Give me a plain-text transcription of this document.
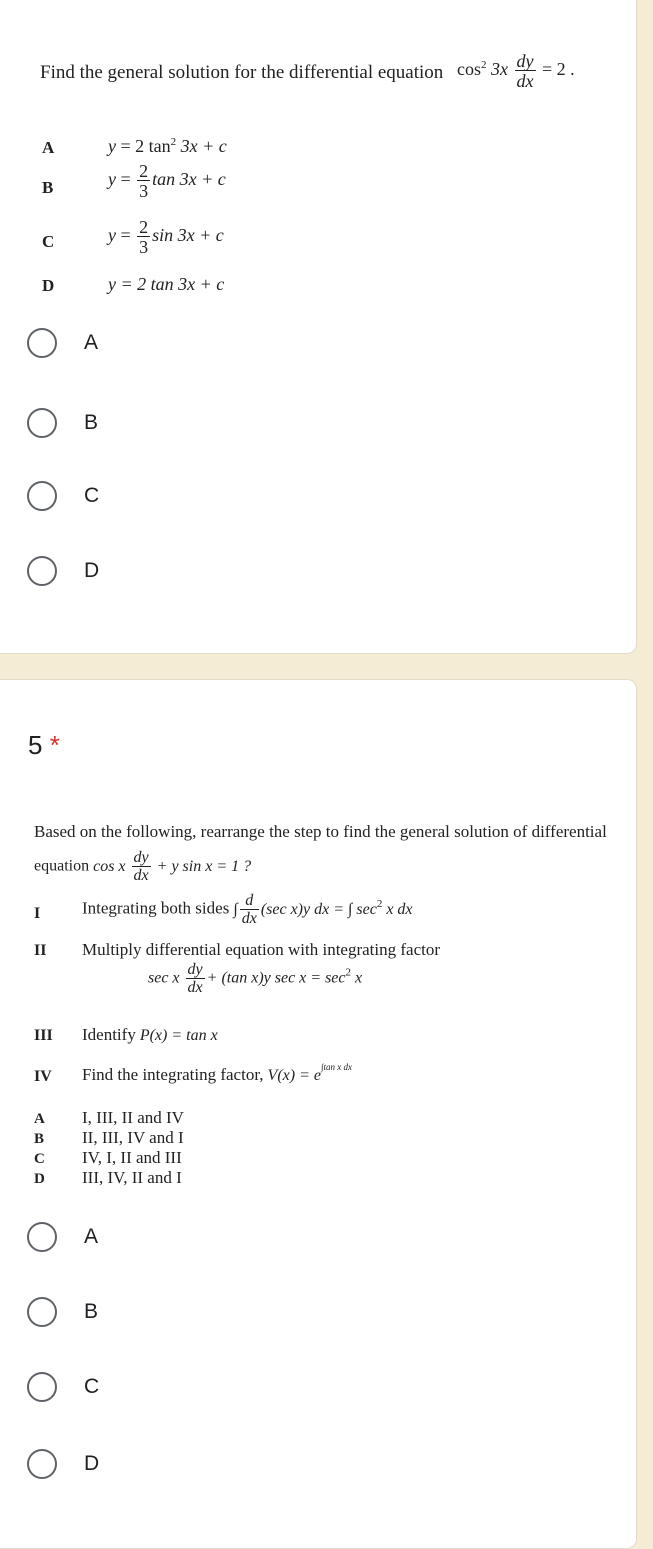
Find the general solution for the differential equation $\cos^2 3x \frac{dy}{dx} = 2$ .
A	y = 2 $\tan^2 3x + c$
B	$y = \frac{2}{3}$ tan 3x + c
C	$y = \frac{2}{3}$ sin 3x + c
D	y = 2 tan 3x + c
A
B
C
D
5 *
Based on the following, rearrange the step to find the general solution of differential
equation cos x $\frac{dy}{dx} + y$ sin x = 1 ?
I Integrating both sides ∫ $\frac{d}{dx} (\sec$ x)y dx = ∫ $\sec^2 x$ dx
II Multiply differential equation with integrating factor
sec x $\frac{dy}{dx} + (\tan$ x)y $\sec x = \sec^2 x$
III Identify P(x) = tan x
IV Find the integrating factor, $V(x) = e^{\int tan x dx}$
A I, III, II and IV
B II, III, IV and I
C IV, I, II and III
D III, IV, II and I
A
B
C
D
